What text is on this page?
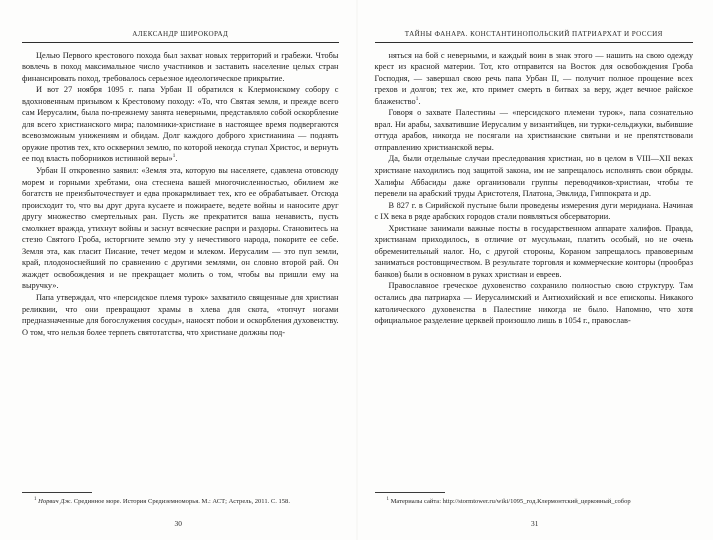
АЛЕКСАНДР ШИРОКОРАД

Целью Первого крестового похода был захват новых территорий и грабежи. Чтобы вовлечь в поход максимальное число участников и заставить население целых стран финансировать поход, требовалось серьезное идеологическое прикрытие.

И вот 27 ноября 1095 г. папа Урбан II обратился к Клермонскому собору с вдохновенным призывом к Крестовому походу: «То, что Святая земля, и прежде всего сам Иерусалим, была по-прежнему занята неверными, представляло собой оскорбление для всего христианского мира; паломники-христиане в настоящее время подвергаются всевозможным унижениям и обидам. Долг каждого доброго христианина — поднять оружие против тех, кто осквернил землю, по которой некогда ступал Христос, и вернуть ее под власть поборников истинной веры»$^1$.

Урбан II откровенно заявил: «Земля эта, которую вы населяете, сдавлена отовсюду морем и горными хребтами, она стеснена вашей многочисленностью, обилием же богатств не преизбыточествует и едва прокармливает тех, кто ее обрабатывает. Отсюда происходит то, что вы друг друга кусаете и пожираете, ведете войны и наносите друг другу множество смертельных ран. Пусть же прекратится ваша ненависть, пусть смолкнет вражда, утихнут войны и заснут всяческие распри и раздоры. Становитесь на стезю Святого Гроба, исторгните землю эту у нечестивого народа, покорите ее себе. Земля эта, как гласит Писание, течет медом и млеком. Иерусалим — это пуп земли, край, плодоноснейший по сравнению с другими землями, он словно второй рай. Он жаждет освобождения и не прекращает молить о том, чтобы вы пришли ему на выручку».

Папа утверждал, что «персидское племя турок» захватило священные для христиан реликвии, что они превращают храмы в хлева для скота, «топчут ногами предназначенные для богослужения сосуды», наносят побои и оскорбления духовенству. О том, что нельзя более терпеть святотатства, что христиане должны под-

$^1$ Норвич Дж. Срединное море. История Средиземноморья. М.: АСТ; Астрель, 2011. С. 158.
30
ТАЙНЫ ФАНАРА. КОНСТАНТИНОПОЛЬСКИЙ ПАТРИАРХАТ И РОССИЯ

няться на бой с неверными, и каждый воин в знак этого — нашить на свою одежду крест из красной материи. Тот, кто отправится на Восток для освобождения Гроба Господня, — завершал свою речь папа Урбан II, — получит полное прощение всех грехов и долгов; тех же, кто примет смерть в битвах за веру, ждет вечное райское блаженство$^1$.

Говоря о захвате Палестины — «персидского племени турок», папа сознательно врал. Ни арабы, захватившие Иерусалим у византийцев, ни турки-сельджуки, выбившие оттуда арабов, никогда не посягали на христианские святыни и не препятствовали отправлению христианской веры.

Да, были отдельные случаи преследования христиан, но в целом в VIII—XII веках христиане находились под защитой закона, им не запрещалось исполнять свои обряды. Халифы Аббасиды даже организовали группы переводчиков-христиан, чтобы те перевели на арабский труды Аристотеля, Платона, Эвклида, Гиппократа и др.

В 827 г. в Сирийской пустыне были проведены измерения дуги меридиана. Начиная с IX века в ряде арабских городов стали появляться обсерватории.

Христиане занимали важные посты в государственном аппарате халифов. Правда, христианам приходилось, в отличие от мусульман, платить особый, но не очень обременительный налог. Но, с другой стороны, Кораном запрещалось правоверным заниматься ростовщичеством. В результате торговля и коммерческие конторы (прообраз банков) были в основном в руках христиан и евреев.

Православное греческое духовенство сохранило полностью свою структуру. Там остались два патриарха — Иерусалимский и Антиохийский и все епископы. Никакого католического духовенства в Палестине никогда не было. Напомню, что хотя официальное разделение церквей произошло лишь в 1054 г., православ-

$^1$ Материалы сайта: http://stormtower.ru/wiki/1095_год.Клермонтский_церковный_собор
31
